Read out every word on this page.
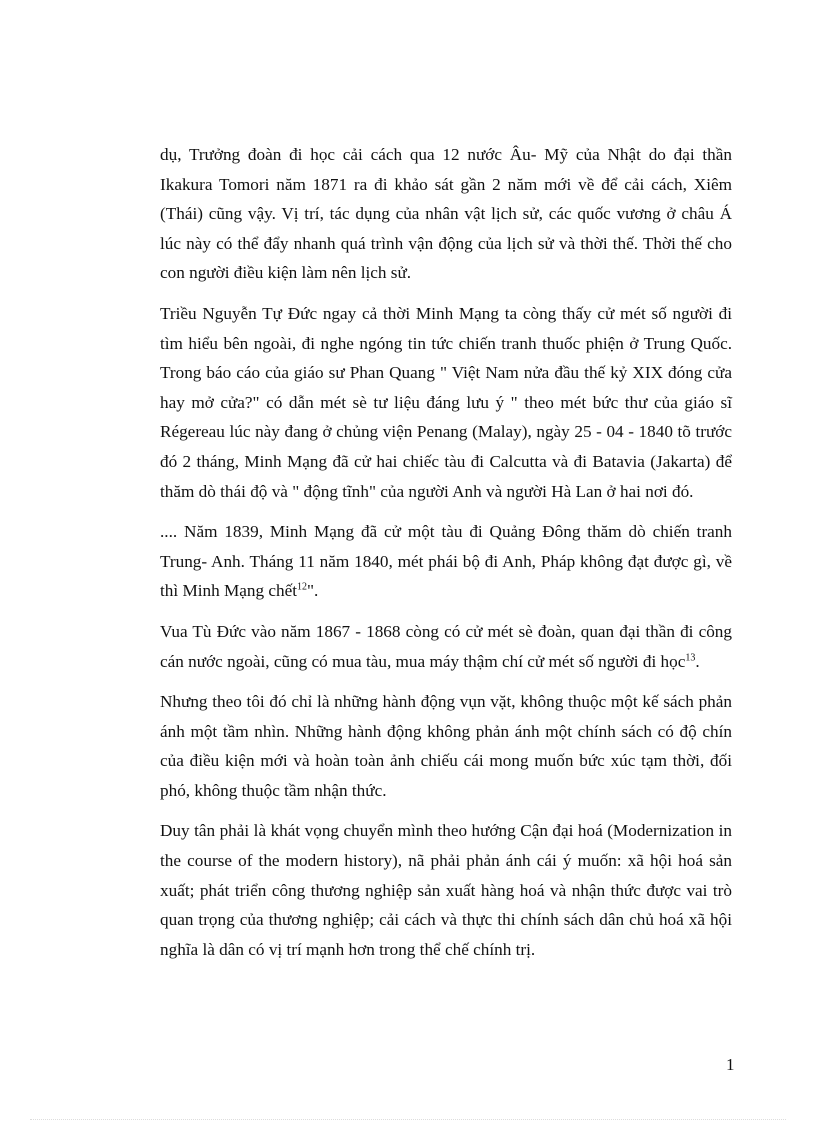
dụ, Trưởng đoàn đi học cải cách qua 12 nước Âu- Mỹ của Nhật do đại thần Ikakura Tomori năm 1871 ra đi khảo sát gần 2 năm mới về để cải cách, Xiêm (Thái) cũng vậy. Vị trí, tác dụng của nhân vật lịch sử, các quốc vương ở châu Á lúc này có thể đẩy nhanh quá trình vận động của lịch sử và thời thế. Thời thế cho con người điều kiện làm nên lịch sử.

Triều Nguyễn Tự Đức ngay cả thời Minh Mạng ta còng thấy cử mét số người đi tìm hiểu bên ngoài, đi nghe ngóng tin tức chiến tranh thuốc phiện ở Trung Quốc. Trong báo cáo của giáo sư Phan Quang " Việt Nam nửa đầu thế kỷ XIX đóng cửa hay mở cửa?" có dẫn mét sè tư liệu đáng lưu ý " theo mét bức thư của giáo sĩ Régereau lúc này đang ở chủng viện Penang (Malay), ngày 25 - 04 - 1840 tõ trước đó 2 tháng, Minh Mạng đã cử hai chiếc tàu đi Calcutta và đi Batavia (Jakarta) để thăm dò thái độ và " động tĩnh" của người Anh và người Hà Lan ở hai nơi đó.

.... Năm 1839, Minh Mạng đã cử một tàu đi Quảng Đông thăm dò chiến tranh Trung- Anh. Tháng 11 năm 1840, mét phái bộ đi Anh, Pháp không đạt được gì, về thì Minh Mạng chết$^{12}$".

Vua Tù Đức vào năm 1867 - 1868 còng có cử mét sè đoàn, quan đại thần đi công cán nước ngoài, cũng có mua tàu, mua máy thậm chí cử mét số người đi học$^{13}$.

Nhưng theo tôi đó chỉ là những hành động vụn vặt, không thuộc một kế sách phản ánh một tầm nhìn. Những hành động không phản ánh một chính sách có độ chín của điều kiện mới và hoàn toàn ảnh chiếu cái mong muốn bức xúc tạm thời, đối phó, không thuộc tầm nhận thức.

Duy tân phải là khát vọng chuyển mình theo hướng Cận đại hoá (Modernization in the course of the modern history), nã phải phản ánh cái ý muốn: xã hội hoá sản xuất; phát triển công thương nghiệp sản xuất hàng hoá và nhận thức được vai trò quan trọng của thương nghiệp; cải cách và thực thi chính sách dân chủ hoá xã hội nghĩa là dân có vị trí mạnh hơn trong thể chế chính trị.

1
